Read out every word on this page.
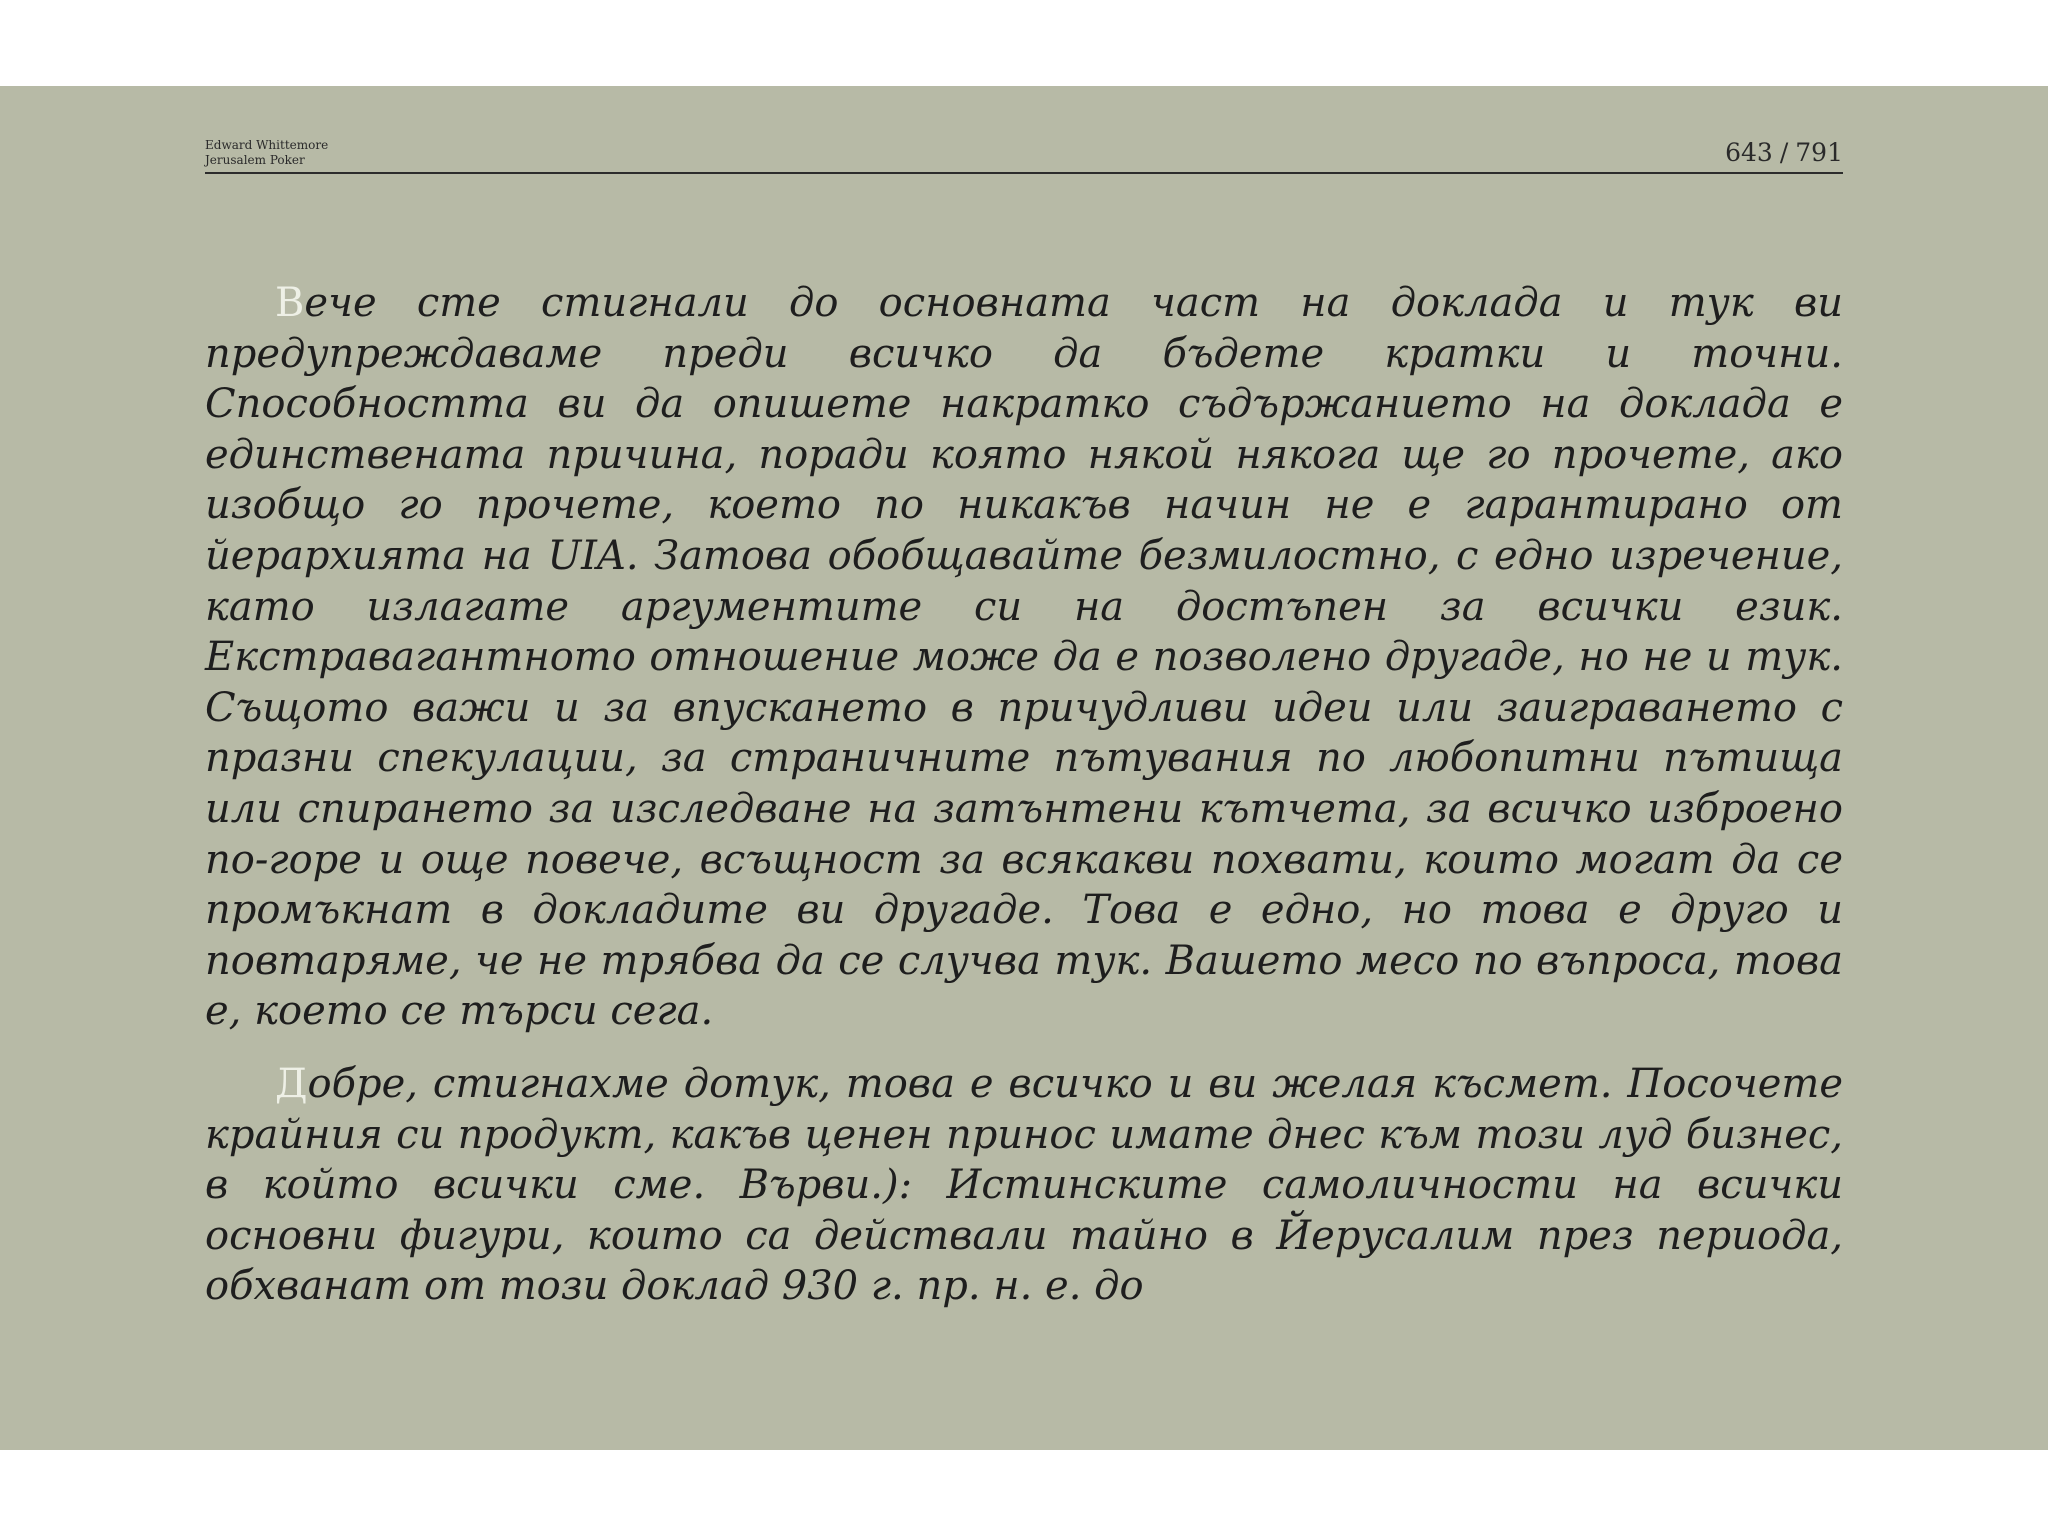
Edward Whittemore
Jerusalem Poker	643 / 791

Вече сте стигнали до основната част на доклада и тук ви предупреждаваме преди всичко да бъдете кратки и точни. Способността ви да опишете накратко съдържанието на доклада е единствената причина, поради която някой някога ще го прочете, ако изобщо го прочете, което по никакъв начин не е гарантирано от йерархията на UIA. Затова обобщавайте безмилостно, с едно изречение, като излагате аргументите си на достъпен за всички език. Екстравагантното отношение може да е позволено другаде, но не и тук. Същото важи и за впускането в причудливи идеи или заиграването с празни спекулации, за страничните пътувания по любопитни пътища или спирането за изследване на затънтени кътчета, за всичко изброено по-горе и още повече, всъщност за всякакви похвати, които могат да се промъкнат в докладите ви другаде. Това е едно, но това е друго и повтаряме, че не трябва да се случва тук. Вашето месо по въпроса, това е, което се търси сега.

Добре, стигнахме дотук, това е всичко и ви желая късмет. Посочете крайния си продукт, какъв ценен принос имате днес към този луд бизнес, в който всички сме. Върви.): Истинските самоличности на всички основни фигури, които са действали тайно в Йерусалим през периода, обхванат от този доклад 930 г. пр. н. е. до
